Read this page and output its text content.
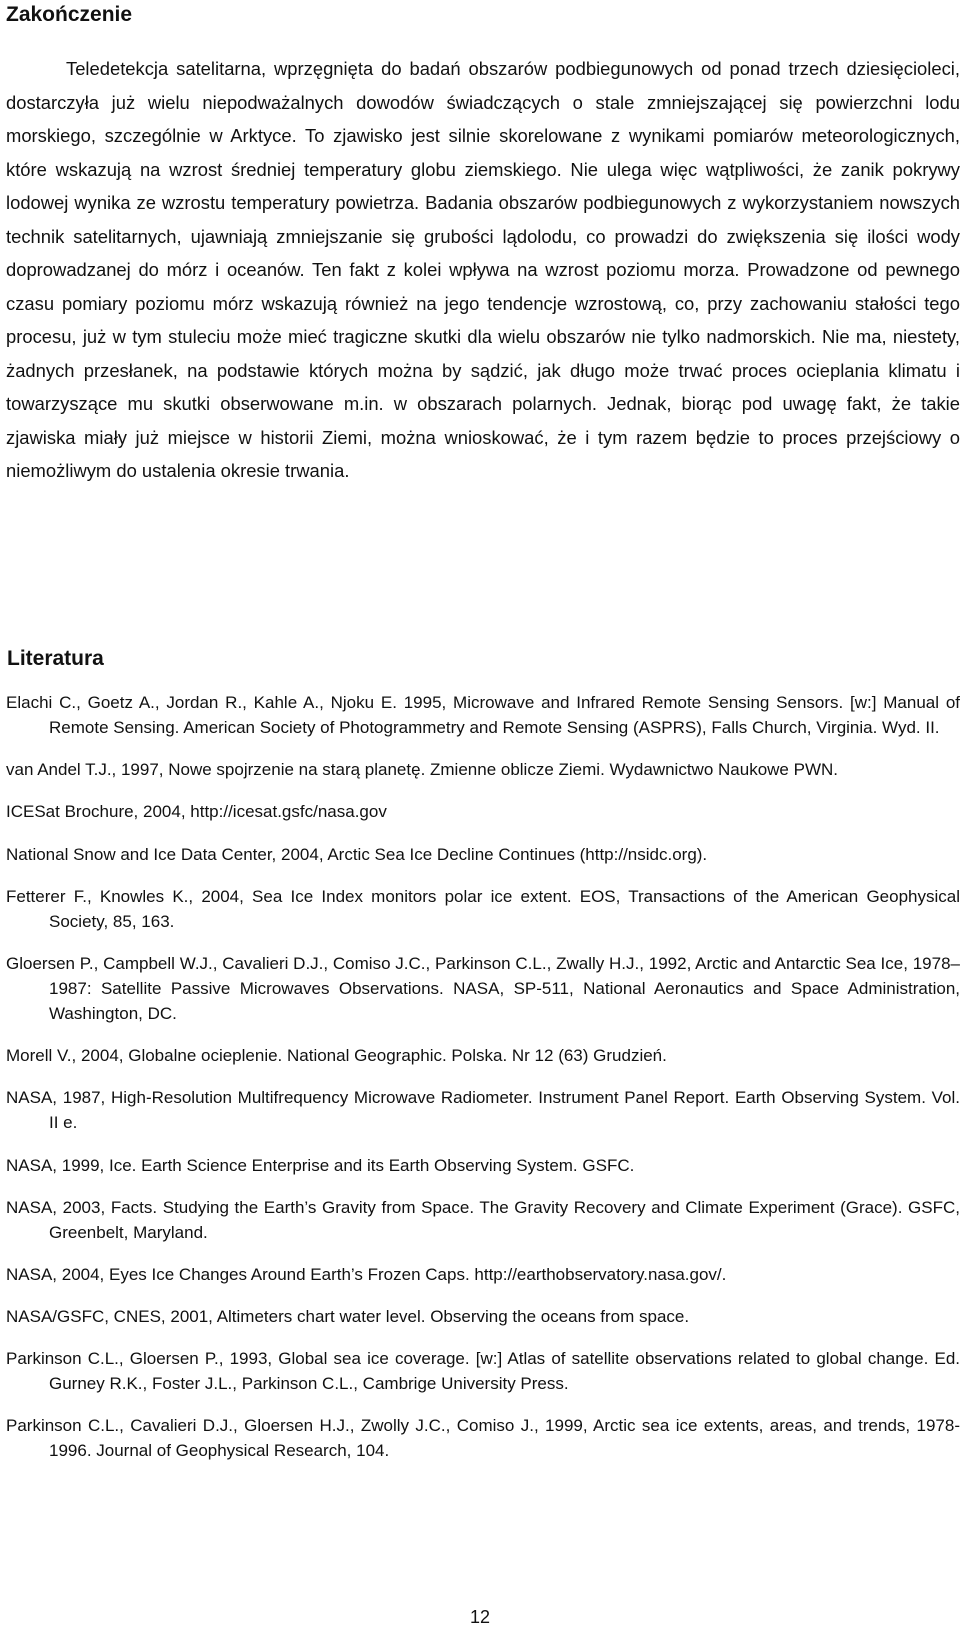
Zakończenie

Teledetekcja satelitarna, wprzęgnięta do badań obszarów podbiegunowych od ponad trzech dziesięcioleci, dostarczyła już wielu niepodważalnych dowodów świadczących o stale zmniejszającej się powierzchni lodu morskiego, szczególnie w Arktyce. To zjawisko jest silnie skorelowane z wynikami pomiarów meteorologicznych, które wskazują na wzrost średniej temperatury globu ziemskiego. Nie ulega więc wątpliwości, że zanik pokrywy lodowej wynika ze wzrostu temperatury powietrza. Badania obszarów podbiegunowych z wykorzystaniem nowszych technik satelitarnych, ujawniają zmniejszanie się grubości lądolodu, co prowadzi do zwiększenia się ilości wody doprowadzanej do mórz i oceanów. Ten fakt z kolei wpływa na wzrost poziomu morza. Prowadzone od pewnego czasu pomiary poziomu mórz wskazują również na jego tendencje wzrostową, co, przy zachowaniu stałości tego procesu, już w tym stuleciu może mieć tragiczne skutki dla wielu obszarów nie tylko nadmorskich. Nie ma, niestety, żadnych przesłanek, na podstawie których można by sądzić, jak długo może trwać proces ocieplania klimatu i towarzyszące mu skutki obserwowane m.in. w obszarach polarnych. Jednak, biorąc pod uwagę fakt, że takie zjawiska miały już miejsce w historii Ziemi, można wnioskować, że i tym razem będzie to proces przejściowy o niemożliwym do ustalenia okresie trwania.

Literatura
Elachi C., Goetz A., Jordan R., Kahle A., Njoku E. 1995, Microwave and Infrared Remote Sensing Sensors. [w:] Manual of Remote Sensing. American Society of Photogrammetry and Remote Sensing (ASPRS), Falls Church, Virginia. Wyd. II.
van Andel T.J., 1997, Nowe spojrzenie na starą planetę. Zmienne oblicze Ziemi. Wydawnictwo Naukowe PWN.
ICESat Brochure, 2004, http://icesat.gsfc/nasa.gov
National Snow and Ice Data Center, 2004, Arctic Sea Ice Decline Continues (http://nsidc.org).
Fetterer F., Knowles K., 2004, Sea Ice Index monitors polar ice extent. EOS, Transactions of the American Geophysical Society, 85, 163.
Gloersen P., Campbell W.J., Cavalieri D.J., Comiso J.C., Parkinson C.L., Zwally H.J., 1992, Arctic and Antarctic Sea Ice, 1978–1987: Satellite Passive Microwaves Observations. NASA, SP-511, National Aeronautics and Space Administration, Washington, DC.
Morell V., 2004, Globalne ocieplenie. National Geographic. Polska. Nr 12 (63) Grudzień.
NASA, 1987, High-Resolution Multifrequency Microwave Radiometer. Instrument Panel Report. Earth Observing System. Vol. II e.
NASA, 1999, Ice. Earth Science Enterprise and its Earth Observing System. GSFC.
NASA, 2003, Facts. Studying the Earth’s Gravity from Space. The Gravity Recovery and Climate Experiment (Grace). GSFC, Greenbelt, Maryland.
NASA, 2004, Eyes Ice Changes Around Earth’s Frozen Caps. http://earthobservatory.nasa.gov/.
NASA/GSFC, CNES, 2001, Altimeters chart water level. Observing the oceans from space.
Parkinson C.L., Gloersen P., 1993, Global sea ice coverage. [w:] Atlas of satellite observations related to global change. Ed. Gurney R.K., Foster J.L., Parkinson C.L., Cambrige University Press.
Parkinson C.L., Cavalieri D.J., Gloersen H.J., Zwolly J.C., Comiso J., 1999, Arctic sea ice extents, areas, and trends, 1978-1996. Journal of Geophysical Research, 104.
12
